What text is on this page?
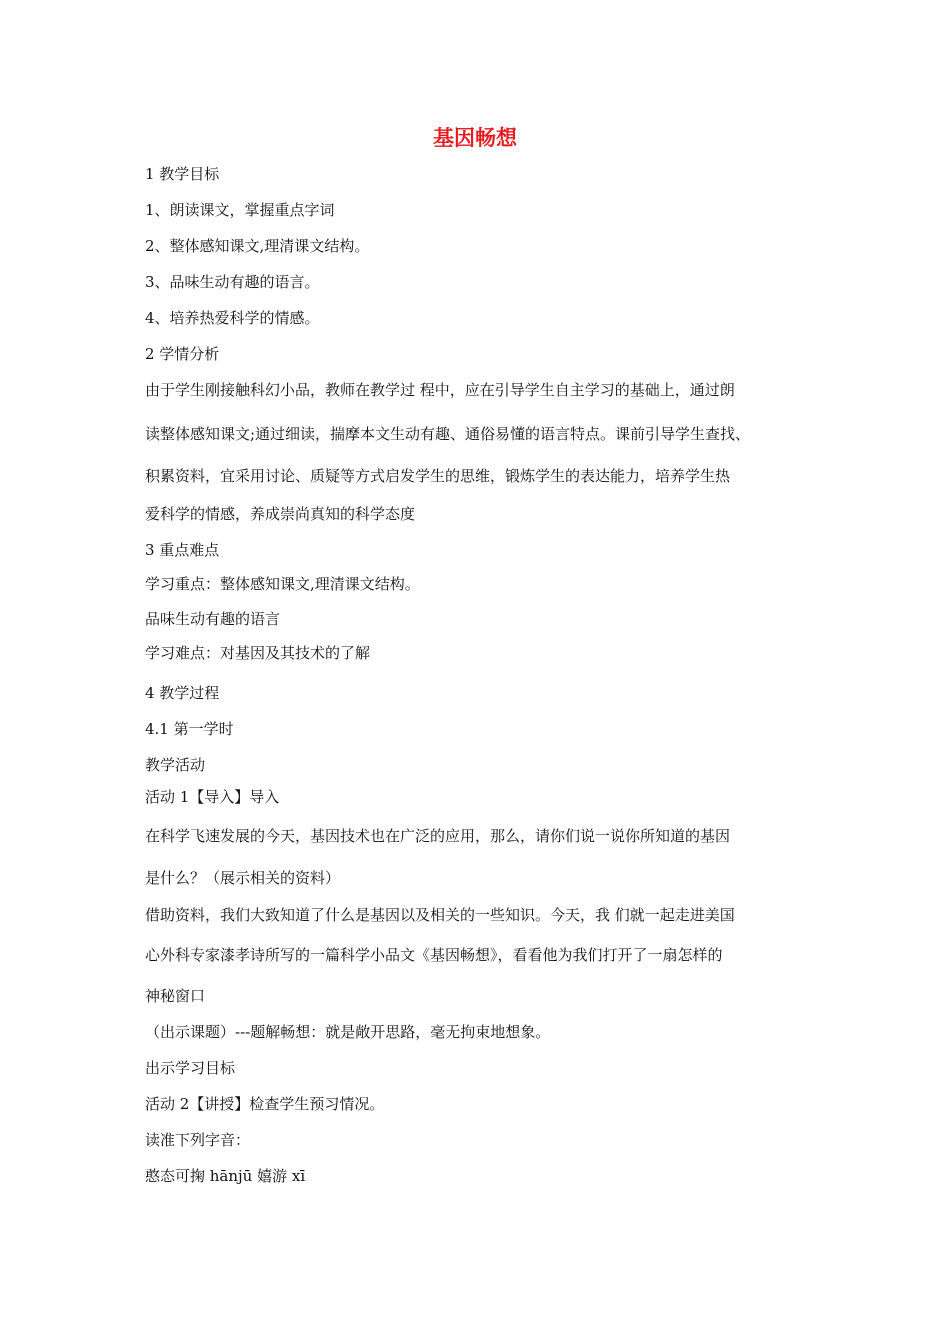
基因畅想
1 教学目标
1、朗读课文，掌握重点字词
2、整体感知课文,理清课文结构。
3、品味生动有趣的语言。
4、培养热爱科学的情感。
2 学情分析
由于学生刚接触科幻小品，教师在教学过 程中，应在引导学生自主学习的基础上，通过朗
读整体感知课文;通过细读，揣摩本文生动有趣、通俗易懂的语言特点。课前引导学生查找、
积累资料，宜采用讨论、质疑等方式启发学生的思维，锻炼学生的表达能力，培养学生热
爱科学的情感，养成崇尚真知的科学态度
3 重点难点
学习重点：整体感知课文,理清课文结构。
品味生动有趣的语言
学习难点：对基因及其技术的了解
4 教学过程
4.1 第一学时
教学活动
活动 1【导入】导入
在科学飞速发展的今天，基因技术也在广泛的应用，那么，请你们说一说你所知道的基因
是什么？（展示相关的资料）
借助资料，我们大致知道了什么是基因以及相关的一些知识。今天，我 们就一起走进美国
心外科专家漆孝诗所写的一篇科学小品文《基因畅想》，看看他为我们打开了一扇怎样的
神秘窗口
（出示课题）---题解畅想：就是敞开思路，毫无拘束地想象。
出示学习目标
活动 2【讲授】检查学生预习情况。
读准下列字音：
憨态可掬 hānjū 嬉游 xī
